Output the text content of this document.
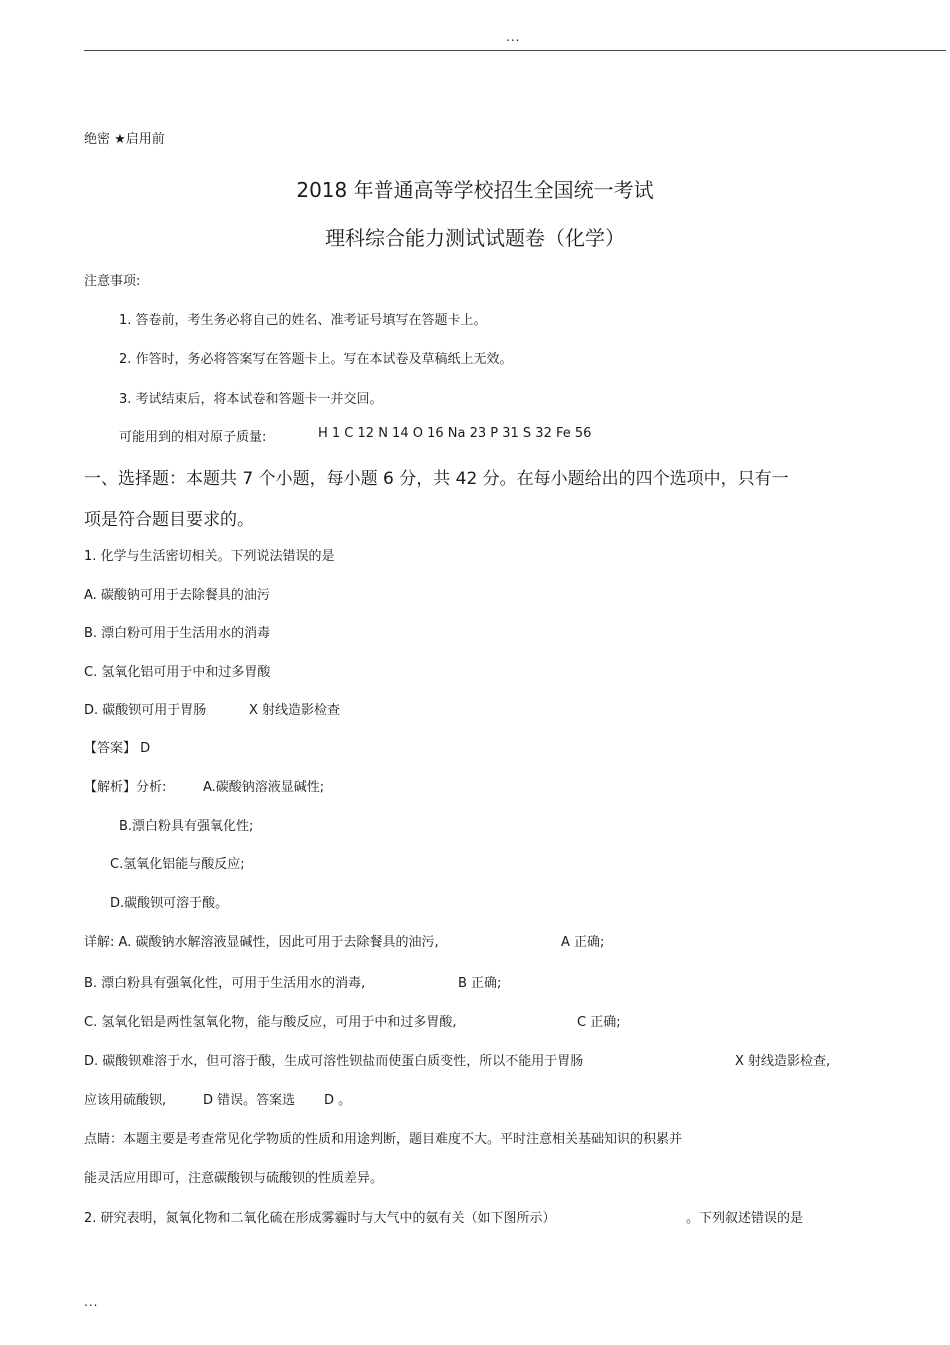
...
绝密 ★启用前
2018 年普通高等学校招生全国统一考试
理科综合能力测试试题卷（化学）
注意事项:
1. 答卷前，考生务必将自己的姓名、准考证号填写在答题卡上。
2. 作答时，务必将答案写在答题卡上。写在本试卷及草稿纸上无效。
3. 考试结束后，将本试卷和答题卡一并交回。
可能用到的相对原子质量:	H 1 C 12 N 14 O 16 Na 23 P 31 S 32 Fe 56
一、选择题：本题共 7 个小题，每小题 6 分，共 42 分。在每小题给出的四个选项中，只有一
项是符合题目要求的。
1. 化学与生活密切相关。下列说法错误的是
A. 碳酸钠可用于去除餐具的油污
B. 漂白粉可用于生活用水的消毒
C. 氢氧化铝可用于中和过多胃酸
D. 碳酸钡可用于胃肠	X 射线造影检查
【答案】 D
【解析】分析:	A.碳酸钠溶液显碱性;
B.漂白粉具有强氧化性;
C.氢氧化铝能与酸反应;
D.碳酸钡可溶于酸。
详解: A. 碳酸钠水解溶液显碱性，因此可用于去除餐具的油污,	A 正确;
B. 漂白粉具有强氧化性，可用于生活用水的消毒,	B 正确;
C. 氢氧化铝是两性氢氧化物，能与酸反应，可用于中和过多胃酸,	C 正确;
D. 碳酸钡难溶于水，但可溶于酸，生成可溶性钡盐而使蛋白质变性，所以不能用于胃肠	X 射线造影检查,
应该用硫酸钡,	D 错误。答案选 D 。
点睛：本题主要是考查常见化学物质的性质和用途判断，题目难度不大。平时注意相关基础知识的积累并
能灵活应用即可，注意碳酸钡与硫酸钡的性质差异。
2. 研究表明，氮氧化物和二氧化硫在形成雾霾时与大气中的氨有关（如下图所示）	。下列叙述错误的是
...
